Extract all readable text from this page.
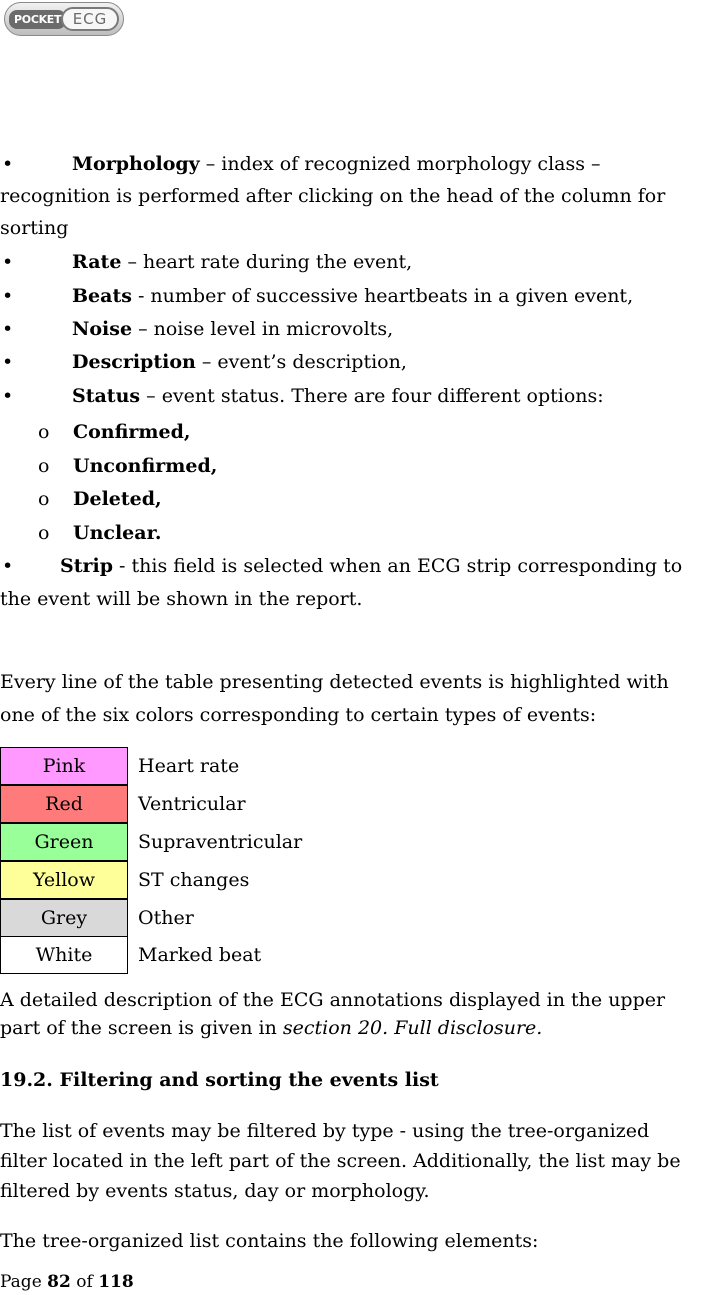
POCKET ECG
•	Morphology – index of recognized morphology class –
recognition is performed after clicking on the head of the column for
sorting
•	Rate – heart rate during the event,
•	Beats - number of successive heartbeats in a given event,
•	Noise – noise level in microvolts,
•	Description – event’s description,
•	Status – event status. There are four different options:
o Confirmed,
o Unconfirmed,
o Deleted,
o Unclear.
• Strip - this field is selected when an ECG strip corresponding to
the event will be shown in the report.
Every line of the table presenting detected events is highlighted with
one of the six colors corresponding to certain types of events:
Pink	Heart rate
Red	Ventricular
Green	Supraventricular
Yellow	ST changes
Grey	Other
White	Marked beat
A detailed description of the ECG annotations displayed in the upper
part of the screen is given in section 20. Full disclosure.
19.2. Filtering and sorting the events list
The list of events may be filtered by type - using the tree-organized
filter located in the left part of the screen. Additionally, the list may be
filtered by events status, day or morphology.
The tree-organized list contains the following elements:
Page 82 of 118
